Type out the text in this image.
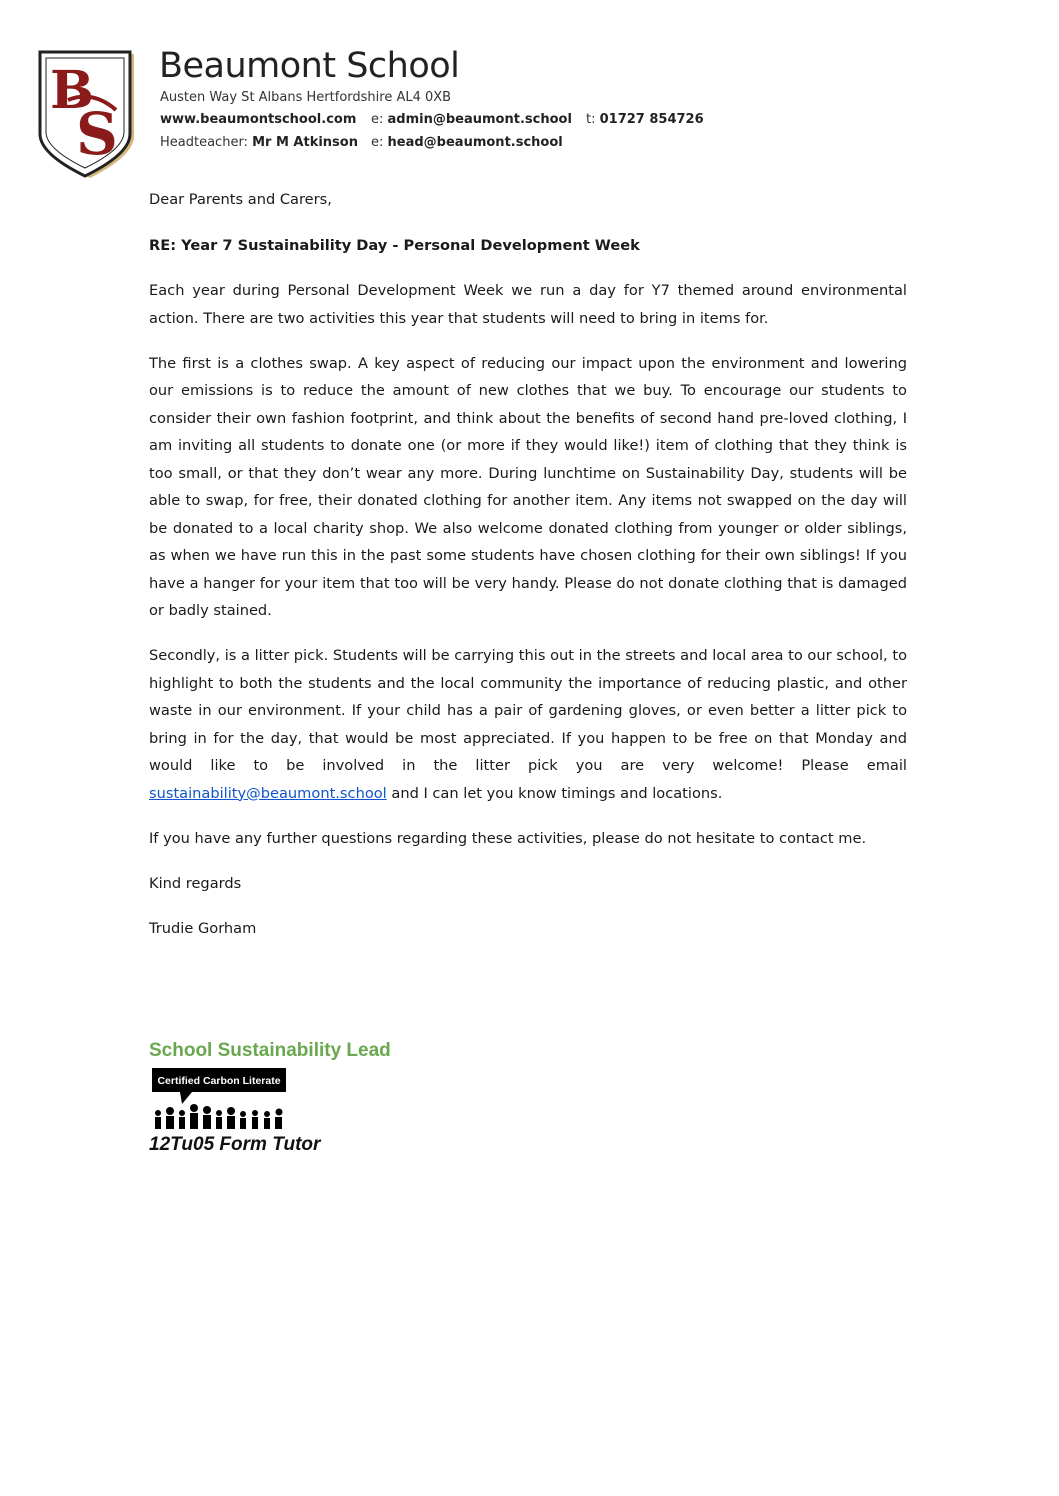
B
S
Beaumont School
Austen Way St Albans Hertfordshire AL4 0XB
www.beaumontschool.com e: admin@beaumont.school t: 01727 854726
Headteacher: Mr M Atkinson e: head@beaumont.school

Dear Parents and Carers,

RE: Year 7 Sustainability Day - Personal Development Week

Each year during Personal Development Week we run a day for Y7 themed around environmental action. There are two activities this year that students will need to bring in items for.

The first is a clothes swap. A key aspect of reducing our impact upon the environment and lowering our emissions is to reduce the amount of new clothes that we buy. To encourage our students to consider their own fashion footprint, and think about the benefits of second hand pre-loved clothing, I am inviting all students to donate one (or more if they would like!) item of clothing that they think is too small, or that they don’t wear any more. During lunchtime on Sustainability Day, students will be able to swap, for free, their donated clothing for another item. Any items not swapped on the day will be donated to a local charity shop. We also welcome donated clothing from younger or older siblings, as when we have run this in the past some students have chosen clothing for their own siblings! If you have a hanger for your item that too will be very handy. Please do not donate clothing that is damaged or badly stained.

Secondly, is a litter pick. Students will be carrying this out in the streets and local area to our school, to highlight to both the students and the local community the importance of reducing plastic, and other waste in our environment. If your child has a pair of gardening gloves, or even better a litter pick to bring in for the day, that would be most appreciated. If you happen to be free on that Monday and would like to be involved in the litter pick you are very welcome! Please email sustainability@beaumont.school and I can let you know timings and locations.

If you have any further questions regarding these activities, please do not hesitate to contact me.

Kind regards

Trudie Gorham

School Sustainability Lead
Certified Carbon Literate
12Tu05 Form Tutor
